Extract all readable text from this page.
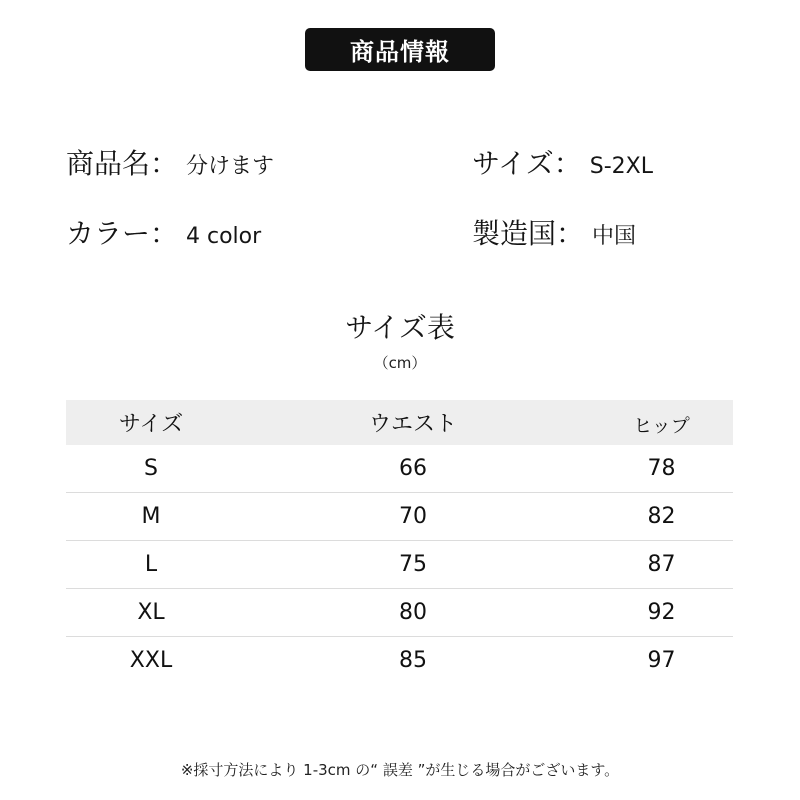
商品情報
商品名： 分けます	サイズ： S-2XL
カラー： 4 color	製造国： 中国
サイズ表
（cm）
サイズ	ウエスト	ヒップ
S	66	78
M	70	82
L	75	87
XL	80	92
XXL	85	97
※採寸方法により 1-3cm の“ 誤差 ”が生じる場合がございます。
